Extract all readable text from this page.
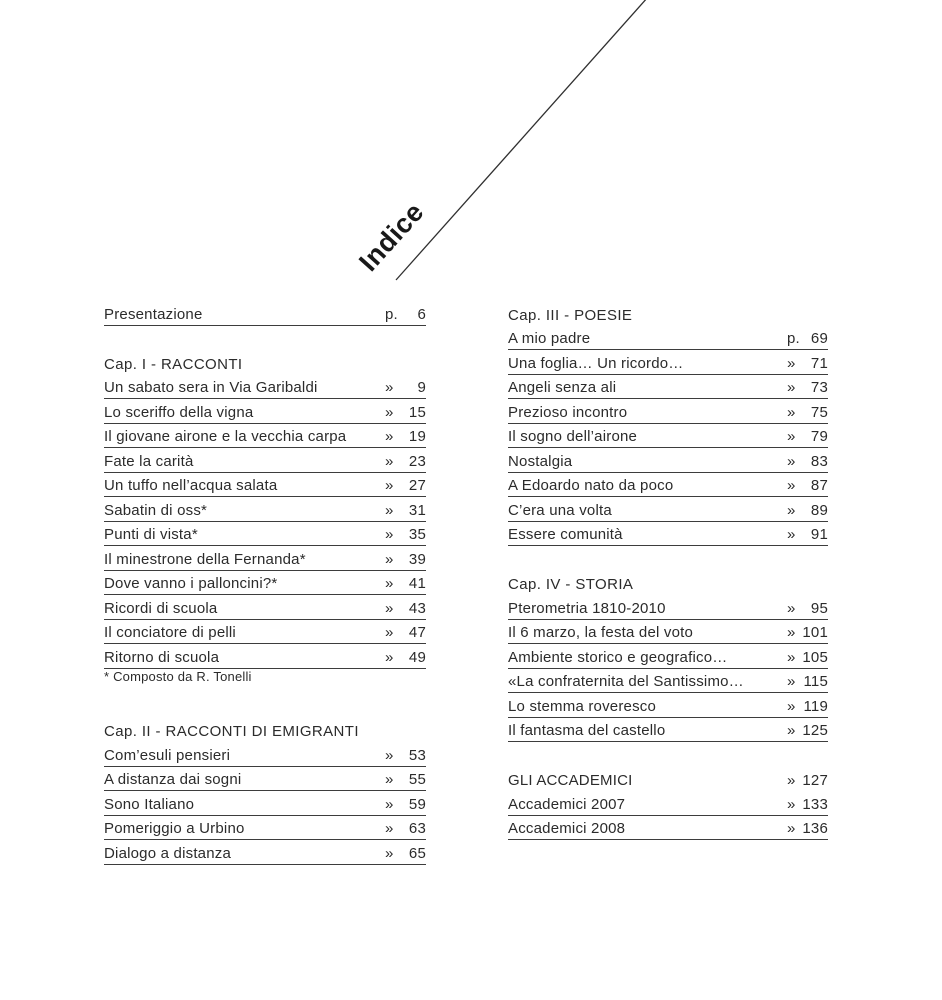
Indice
Presentazione	p.	6
Cap. I - RACCONTI
Un sabato sera in Via Garibaldi	»	9
Lo sceriffo della vigna	»	15
Il giovane airone e la vecchia carpa	»	19
Fate la carità	»	23
Un tuffo nell’acqua salata	»	27
Sabatin di oss*	»	31
Punti di vista*	»	35
Il minestrone della Fernanda*	»	39
Dove vanno i palloncini?*	»	41
Ricordi di scuola	»	43
Il conciatore di pelli	»	47
Ritorno di scuola	»	49
* Composto da R. Tonelli
Cap. II - RACCONTI DI EMIGRANTI
Com’esuli pensieri	»	53
A distanza dai sogni	»	55
Sono Italiano	»	59
Pomeriggio a Urbino	»	63
Dialogo a distanza	»	65
Cap. III - POESIE
A mio padre	p. 69
Una foglia… Un ricordo…	»	71
Angeli senza ali	»	73
Prezioso incontro	»	75
Il sogno dell’airone	»	79
Nostalgia	»	83
A Edoardo nato da poco	»	87
C’era una volta	»	89
Essere comunità	»	91
Cap. IV - STORIA
Pterometria 1810-2010	»	95
Il 6 marzo, la festa del voto	» 101
Ambiente storico e geografico…	» 105
«La confraternita del Santissimo…	» 115
Lo stemma roveresco	» 119
Il fantasma del castello	» 125
GLI ACCADEMICI	» 127
Accademici 2007	» 133
Accademici 2008	» 136
